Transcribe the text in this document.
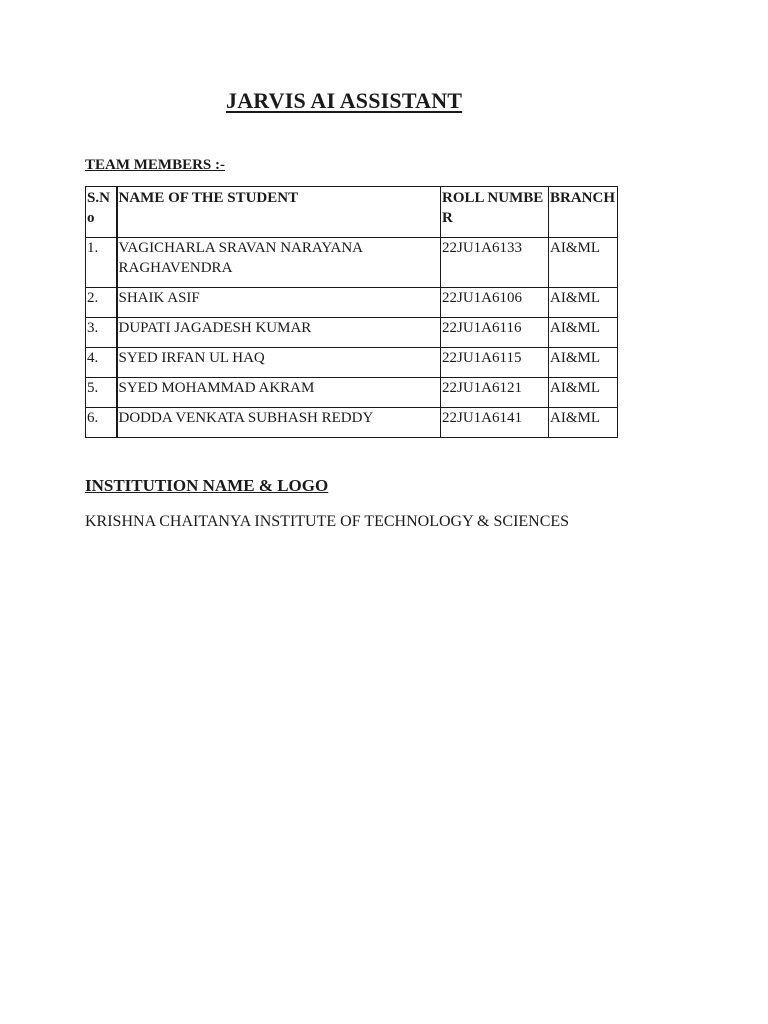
JARVIS AI ASSISTANT

TEAM MEMBERS :-

S.No	NAME OF THE STUDENT	ROLL NUMBER	BRANCH
1.	VAGICHARLA SRAVAN NARAYANA RAGHAVENDRA	22JU1A6133	AI&ML
2.	SHAIK ASIF	22JU1A6106	AI&ML
3.	DUPATI JAGADESH KUMAR	22JU1A6116	AI&ML
4.	SYED IRFAN UL HAQ	22JU1A6115	AI&ML
5.	SYED MOHAMMAD AKRAM	22JU1A6121	AI&ML
6.	DODDA VENKATA SUBHASH REDDY	22JU1A6141	AI&ML

INSTITUTION NAME & LOGO

KRISHNA CHAITANYA INSTITUTE OF TECHNOLOGY & SCIENCES
